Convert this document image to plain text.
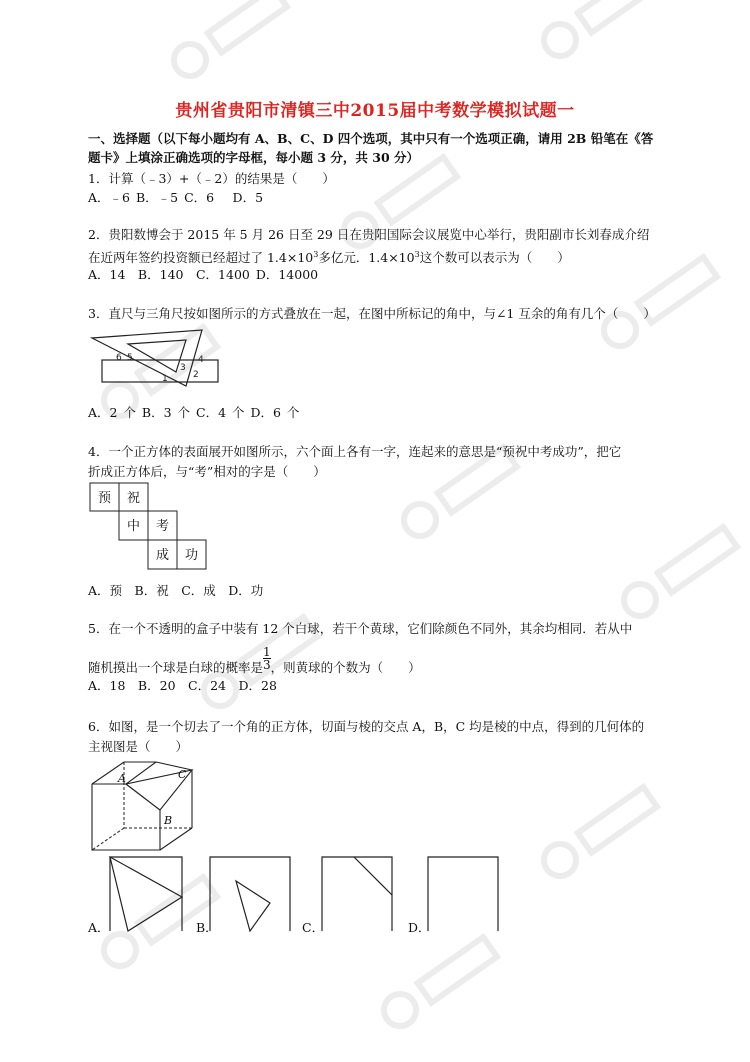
贵州省贵阳市清镇三中2015届中考数学模拟试题一
一、选择题（以下每小题均有 A、B、C、D 四个选项，其中只有一个选项正确，请用 2B 铅笔在《答
题卡》上填涂正确选项的字母框，每小题 3 分，共 30 分）
1．计算（﹣3）+（﹣2）的结果是（　　）
A．﹣6 B．﹣5 C．6　 D．5
2．贵阳数博会于 2015 年 5 月 26 日至 29 日在贵阳国际会议展览中心举行，贵阳副市长刘春成介绍
在近两年签约投资额已经超过了 $1.4\times 10^3$多亿元．$1.4\times 10^3$这个数可以表示为（　　）
A．14　B．140　C．1400 D．14000
3．直尺与三角尺按如图所示的方式叠放在一起，在图中所标记的角中，与∠1 互余的角有几个（　　）
6 5	4
3
2
1
A．2 个 B．3 个 C．4 个 D．6 个
4．一个正方体的表面展开如图所示，六个面上各有一字，连起来的意思是“预祝中考成功”，把它
折成正方体后，与“考”相对的字是（　　）
预 祝
中 考
成 功
A．预　B．祝　C．成　D．功
5．在一个不透明的盒子中装有 12 个白球，若干个黄球，它们除颜色不同外，其余均相同．若从中
随机摸出一个球是白球的概率是 $\frac{1}{3}$ ，则黄球的个数为（　　）
A．18　B．20　C．24　D．28
6．如图，是一个切去了一个角的正方体，切面与棱的交点 A，B，C 均是棱的中点，得到的几何体的
主视图是（　　）
A
B
C
A．	B．	C．	D．
